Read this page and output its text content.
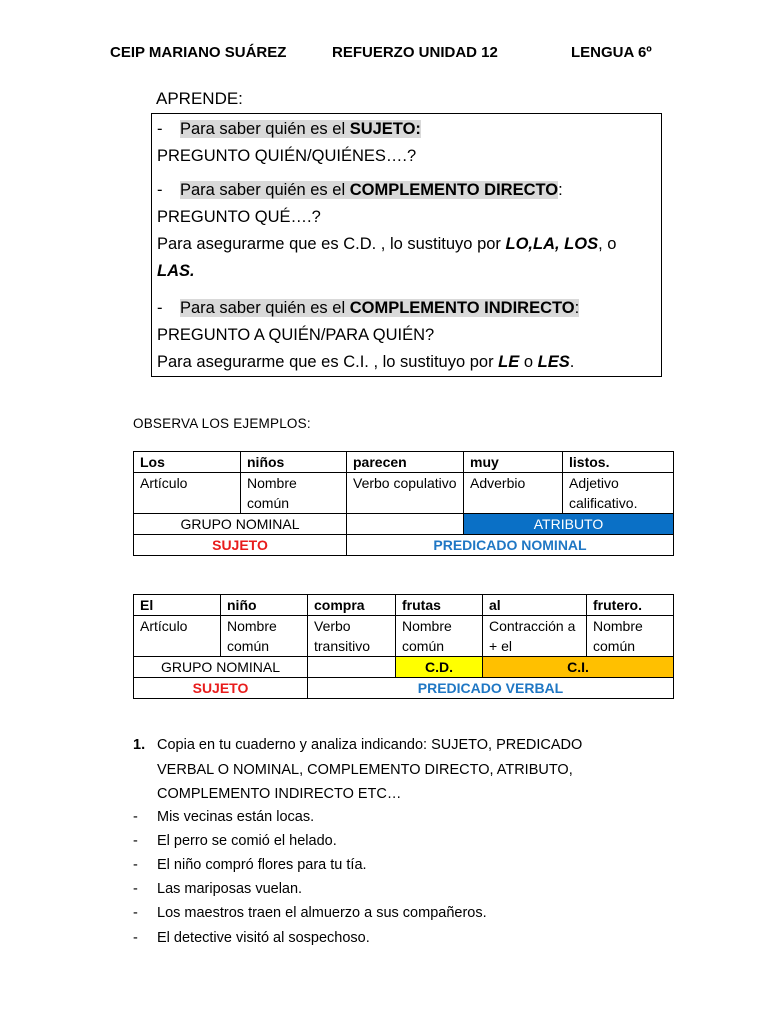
CEIP MARIANO SUÁREZ	REFUERZO UNIDAD 12	LENGUA 6º
APRENDE:
- Para saber quién es el SUJETO:
PREGUNTO QUIÉN/QUIÉNES….?
- Para saber quién es el COMPLEMENTO DIRECTO:
PREGUNTO QUÉ….?
Para asegurarme que es C.D. , lo sustituyo por LO,LA, LOS, o
LAS.
- Para saber quién es el COMPLEMENTO INDIRECTO:
PREGUNTO A QUIÉN/PARA QUIÉN?
Para asegurarme que es C.I. , lo sustituyo por LE o LES.
OBSERVA LOS EJEMPLOS:
Los	niños	parecen	muy	listos.
Artículo	Nombre común	Verbo copulativo	Adverbio	Adjetivo calificativo.
GRUPO NOMINAL			ATRIBUTO	
SUJETO		PREDICADO NOMINAL		
El	niño	compra	frutas	al	frutero.
Artículo	Nombre común	Verbo transitivo	Nombre común	Contracción a + el	Nombre común
GRUPO NOMINAL			C.D.	C.I.	
SUJETO		PREDICADO VERBAL			
1. Copia en tu cuaderno y analiza indicando: SUJETO, PREDICADO
VERBAL O NOMINAL, COMPLEMENTO DIRECTO, ATRIBUTO,
COMPLEMENTO INDIRECTO ETC…
- Mis vecinas están locas.
- El perro se comió el helado.
- El niño compró flores para tu tía.
- Las mariposas vuelan.
- Los maestros traen el almuerzo a sus compañeros.
- El detective visitó al sospechoso.
